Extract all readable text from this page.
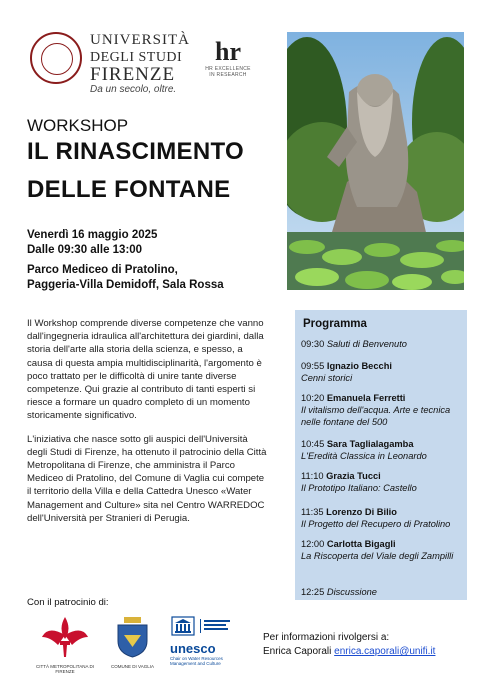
UNIVERSITÀ
DEGLI STUDI
FIRENZE
Da un secolo, oltre.
hr
HR EXCELLENCE IN RESEARCH
WORKSHOP
IL RINASCIMENTO
DELLE FONTANE
Venerdì 16 maggio 2025
Dalle 09:30 alle 13:00
Parco Mediceo di Pratolino,
Paggeria-Villa Demidoff, Sala Rossa

Il Workshop comprende diverse competenze che vanno dall'ingegneria idraulica all'architettura dei giardini, dalla storia dell'arte alla storia della scienza, e spesso, a causa di questa ampia multidisciplinarità, l'argomento è poco trattato per le difficoltà di unire tante diverse competenze. Qui grazie al contributo di tanti esperti si riesce a formare un quadro completo di un momento storicamente significativo.

L'iniziativa che nasce sotto gli auspici dell'Università degli Studi di Firenze, ha ottenuto il patrocinio della Città Metropolitana di Firenze, che amministra il Parco Mediceo di Pratolino, del Comune di Vaglia cui compete il territorio della Villa e della Cattedra Unesco «Water Management and Culture» sita nel Centro WARREDOC dell'Università per Stranieri di Perugia.

Programma
09:30 Saluti di Benvenuto
09:55 Ignazio Becchi
Cenni storici
10:20 Emanuela Ferretti
Il vitalismo dell'acqua. Arte e tecnica nelle fontane del 500
10:45 Sara Taglialagamba
L'Eredità Classica in Leonardo
11:10 Grazia Tucci
Il Prototipo Italiano: Castello
11:35 Lorenzo Di Bilio
Il Progetto del Recupero di Pratolino
12:00 Carlotta Bigagli
La Riscoperta del Viale degli Zampilli
12:25 Discussione
Con il patrocinio di:
CITTÀ METROPOLITANA DI FIRENZE
COMUNE DI VAGLIA
unesco
Chair on Water Resources Management and Culture
Per informazioni rivolgersi a:
Enrica Caporali enrica.caporali@unifi.it
